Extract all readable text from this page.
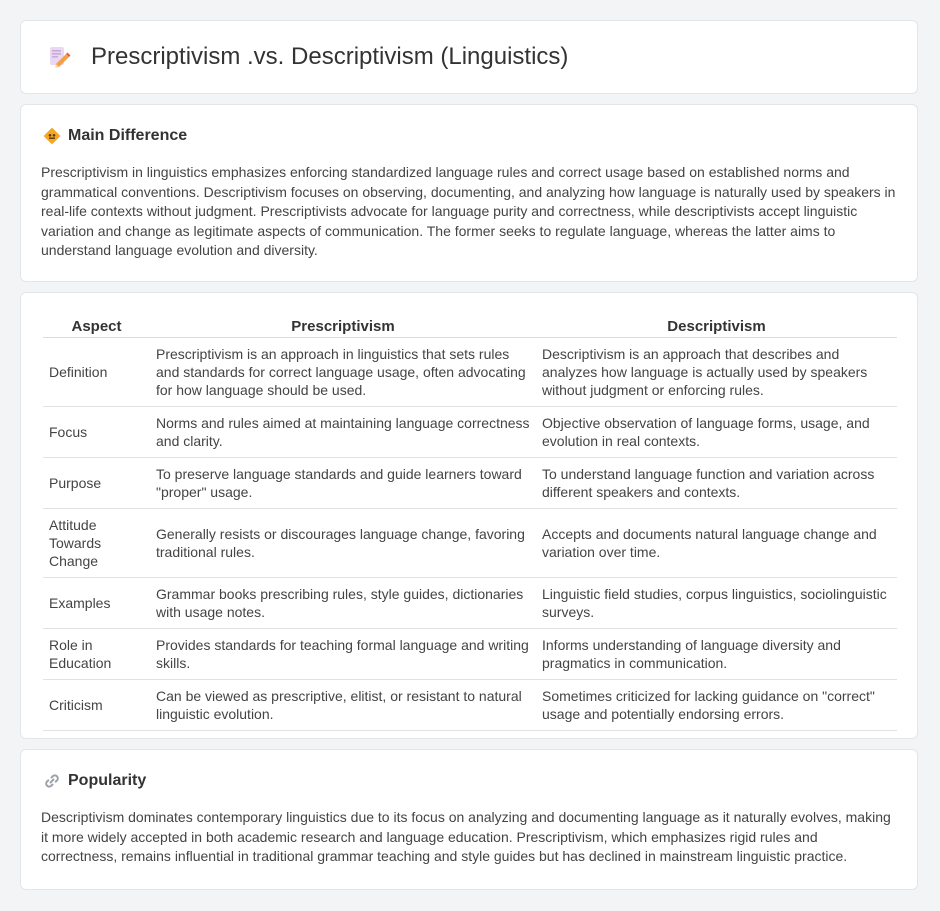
Prescriptivism .vs. Descriptivism (Linguistics)
Main Difference

Prescriptivism in linguistics emphasizes enforcing standardized language rules and correct usage based on established norms and grammatical conventions. Descriptivism focuses on observing, documenting, and analyzing how language is naturally used by speakers in real-life contexts without judgment. Prescriptivists advocate for language purity and correctness, while descriptivists accept linguistic variation and change as legitimate aspects of communication. The former seeks to regulate language, whereas the latter aims to understand language evolution and diversity.

Aspect	Prescriptivism	Descriptivism
Definition	Prescriptivism is an approach in linguistics that sets rules and standards for correct language usage, often advocating for how language should be used.	Descriptivism is an approach that describes and analyzes how language is actually used by speakers without judgment or enforcing rules.
Focus	Norms and rules aimed at maintaining language correctness and clarity.	Objective observation of language forms, usage, and evolution in real contexts.
Purpose	To preserve language standards and guide learners toward "proper" usage.	To understand language function and variation across different speakers and contexts.
Attitude Towards Change	Generally resists or discourages language change, favoring traditional rules.	Accepts and documents natural language change and variation over time.
Examples	Grammar books prescribing rules, style guides, dictionaries with usage notes.	Linguistic field studies, corpus linguistics, sociolinguistic surveys.
Role in Education	Provides standards for teaching formal language and writing skills.	Informs understanding of language diversity and pragmatics in communication.
Criticism	Can be viewed as prescriptive, elitist, or resistant to natural linguistic evolution.	Sometimes criticized for lacking guidance on "correct" usage and potentially endorsing errors.
Popularity

Descriptivism dominates contemporary linguistics due to its focus on analyzing and documenting language as it naturally evolves, making it more widely accepted in both academic research and language education. Prescriptivism, which emphasizes rigid rules and correctness, remains influential in traditional grammar teaching and style guides but has declined in mainstream linguistic practice.
